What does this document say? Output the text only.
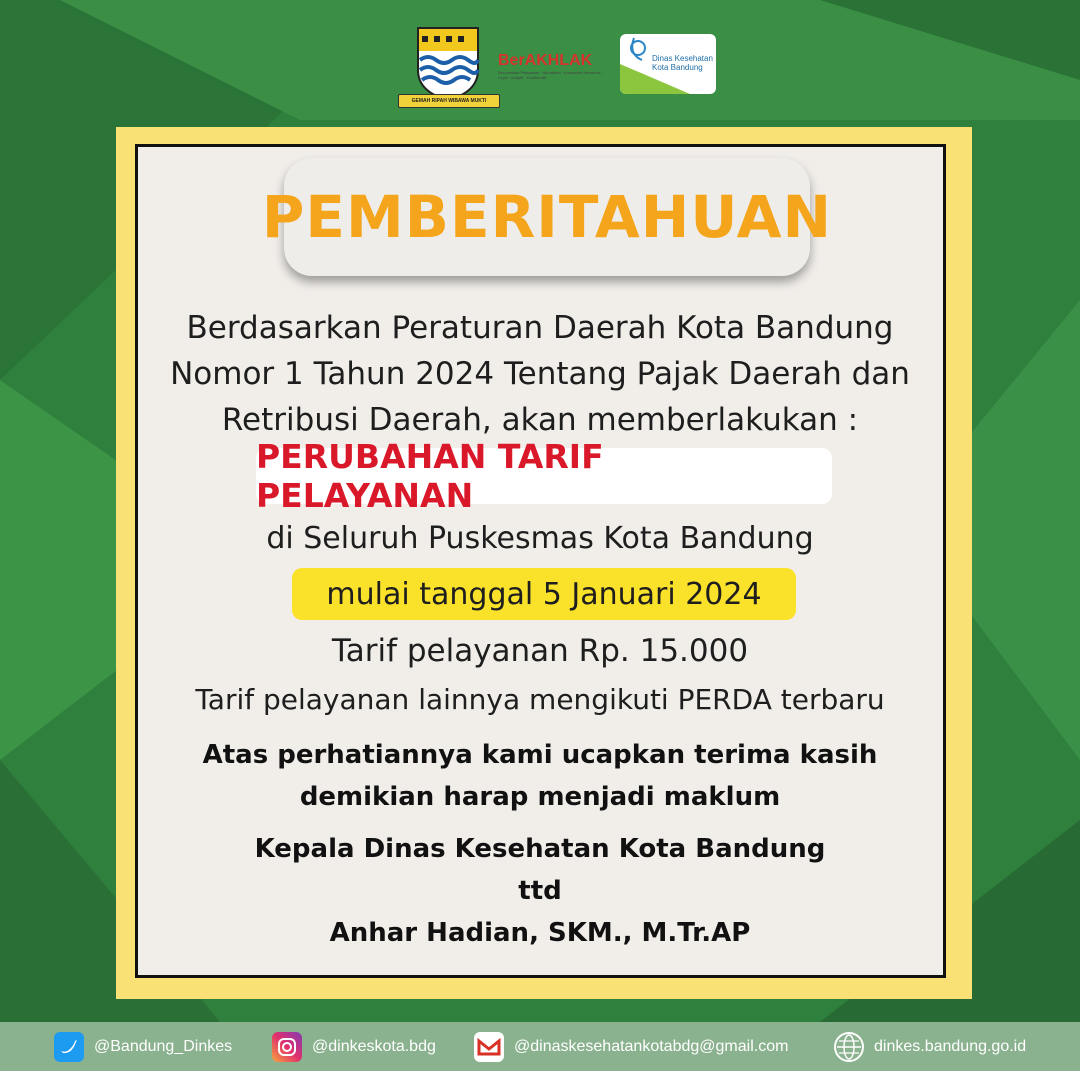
GEMAH RIPAH WIBAWA MUKTI
BerAKHLAK
Berorientasi Pelayanan · Akuntabel · Kompeten Harmonis · Loyal · Adaptif · Kolaboratif
Dinas Kesehatan Kota Bandung
PEMBERITAHUAN
Berdasarkan Peraturan Daerah Kota Bandung
Nomor 1 Tahun 2024 Tentang Pajak Daerah dan
Retribusi Daerah, akan memberlakukan :
PERUBAHAN TARIF PELAYANAN
di Seluruh Puskesmas Kota Bandung
mulai tanggal 5 Januari 2024
Tarif pelayanan Rp. 15.000
Tarif pelayanan lainnya mengikuti PERDA terbaru
Atas perhatiannya kami ucapkan terima kasih
demikian harap menjadi maklum
Kepala Dinas Kesehatan Kota Bandung
ttd
Anhar Hadian, SKM., M.Tr.AP
@Bandung_Dinkes	@dinkeskota.bdg	@dinaskesehatankotabdg@gmail.com	dinkes.bandung.go.id
